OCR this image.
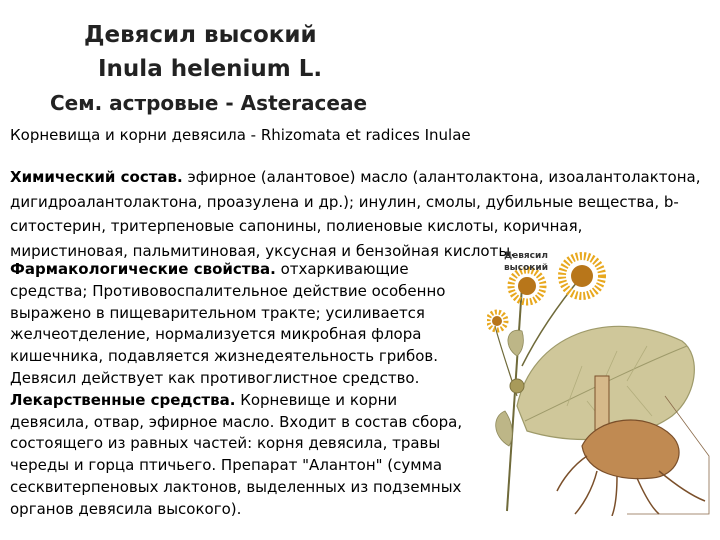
Девясил высокий
Inula helenium L.
Сем. астровые - Asteraceae
Корневища и корни девясила - Rhizomata et radices Inulae
Химический состав. эфирное (алантовое) масло (алантолактона, изоалантолактона, дигидроалантолактона, проазулена и др.); инулин, смолы, дубильные вещества, b-ситостерин, тритерпеновые сапонины, полиеновые кислоты, коричная, миристиновая, пальмитиновая, уксусная и бензойная кислоты.
Фармакологические свойства. отхаркивающие средства; Противовоспалительное действие особенно выражено в пищеварительном тракте; усиливается желчеотделение, нормализуется микробная флора кишечника, подавляется жизнедеятельность грибов. Девясил действует как противоглистное средство.
Лекарственные средства. Корневище и корни девясила, отвар, эфирное масло. Входит в состав сбора, состоящего из равных частей: корня девясила, травы череды и горца птичьего. Препарат "Алантон" (сумма сесквитерпеновых лактонов, выделенных из подземных органов девясила высокого).
Девясил
высокий
